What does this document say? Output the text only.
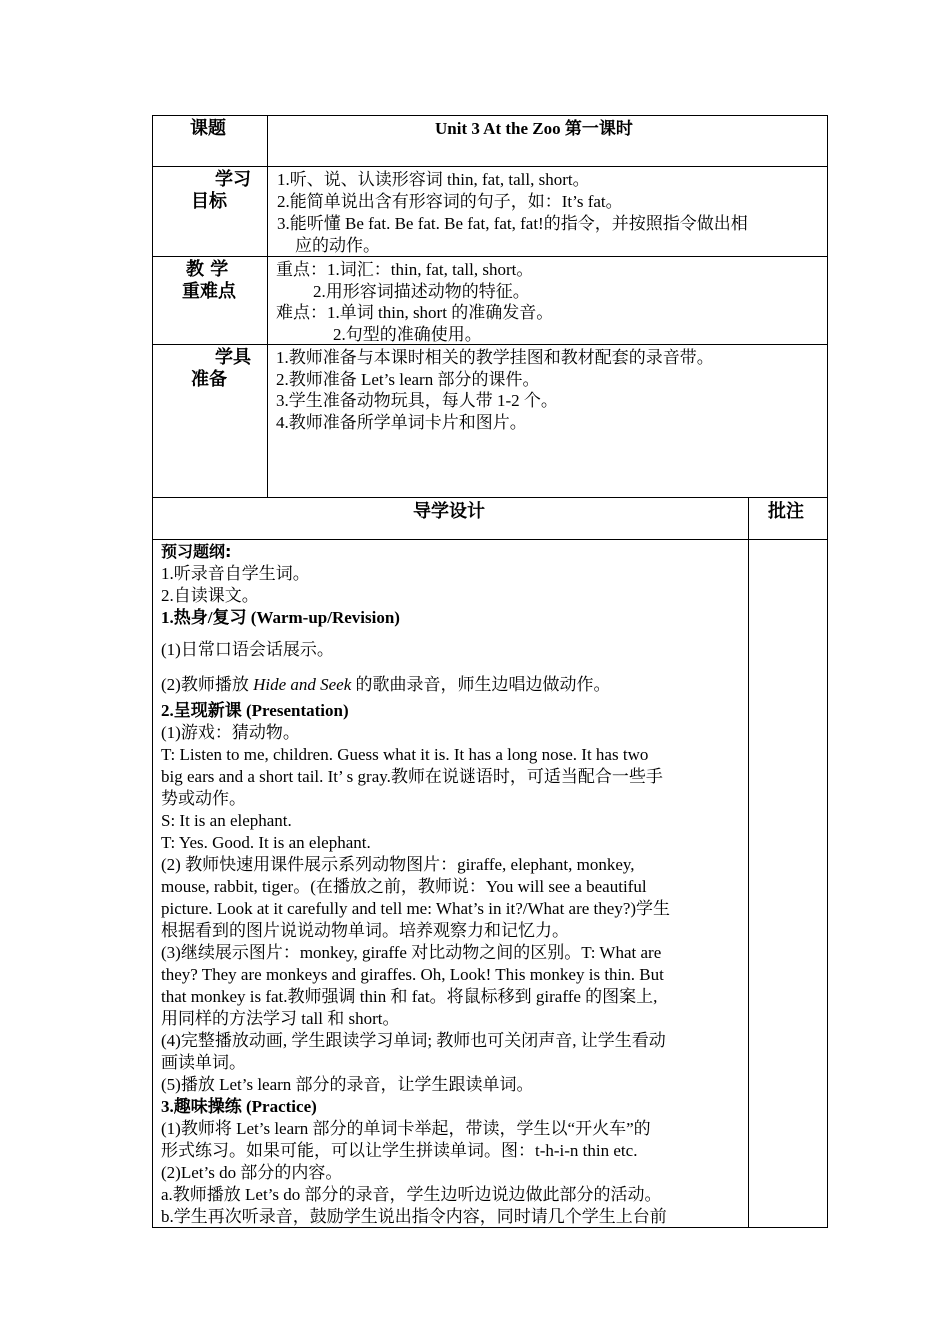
课题	Unit 3 At the Zoo 第一课时
学习
目标
1.听、说、认读形容词 thin, fat, tall, short。
2.能简单说出含有形容词的句子，如：It’s fat。
3.能听懂 Be fat. Be fat. Be fat, fat, fat!的指令，并按照指令做出相
应的动作。
教 学
重难点
重点：1.词汇：thin, fat, tall, short。
2.用形容词描述动物的特征。
难点：1.单词 thin, short 的准确发音。
2.句型的准确使用。
学具
准备
1.教师准备与本课时相关的教学挂图和教材配套的录音带。
2.教师准备 Let’s learn 部分的课件。
3.学生准备动物玩具，每人带 1-2 个。
4.教师准备所学单词卡片和图片。
导学设计	批注
预习题纲:
1.听录音自学生词。
2.自读课文。
1.热身/复习 (Warm-up/Revision)
(1)日常口语会话展示。
(2)教师播放 Hide and Seek 的歌曲录音，师生边唱边做动作。
2.呈现新课 (Presentation)
(1)游戏：猜动物。
T: Listen to me, children. Guess what it is. It has a long nose. It has two
big ears and a short tail. It’ s gray.教师在说谜语时，可适当配合一些手
势或动作。
S: It is an elephant.
T: Yes. Good. It is an elephant.
(2) 教师快速用课件展示系列动物图片：giraffe, elephant, monkey,
mouse, rabbit, tiger。(在播放之前，教师说：You will see a beautiful
picture. Look at it carefully and tell me: What’s in it?/What are they?)学生
根据看到的图片说说动物单词。培养观察力和记忆力。
(3)继续展示图片：monkey, giraffe 对比动物之间的区别。T: What are
they? They are monkeys and giraffes. Oh, Look! This monkey is thin. But
that monkey is fat.教师强调 thin 和 fat。将鼠标移到 giraffe 的图案上,
用同样的方法学习 tall 和 short。
(4)完整播放动画, 学生跟读学习单词; 教师也可关闭声音, 让学生看动
画读单词。
(5)播放 Let’s learn 部分的录音，让学生跟读单词。
3.趣味操练 (Practice)
(1)教师将 Let’s learn 部分的单词卡举起，带读，学生以“开火车”的
形式练习。如果可能，可以让学生拼读单词。图：t-h-i-n thin etc.
(2)Let’s do 部分的内容。
a.教师播放 Let’s do 部分的录音，学生边听边说边做此部分的活动。
b.学生再次听录音，鼓励学生说出指令内容，同时请几个学生上台前
